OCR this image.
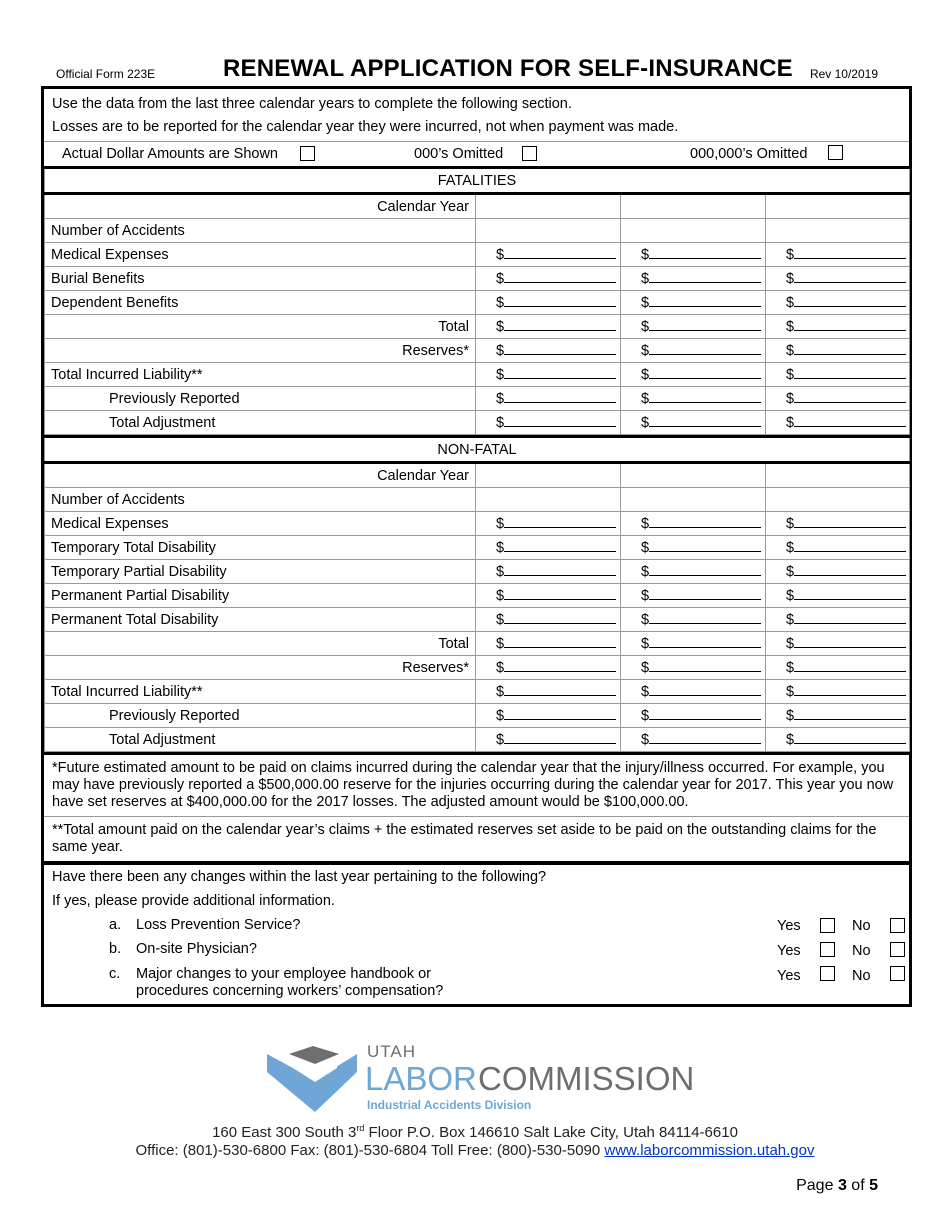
Official Form 223E	RENEWAL APPLICATION FOR SELF-INSURANCE Rev 10/2019
Use the data from the last three calendar years to complete the following section.
Losses are to be reported for the calendar year they were incurred, not when payment was made.
Actual Dollar Amounts are Shown	000’s Omitted	000,000’s Omitted
FATALITIES			
Calendar Year			
Number of Accidents			
Medical Expenses	$	$	$
Burial Benefits	$	$	$
Dependent Benefits	$	$	$
Total	$	$	$
Reserves*	$	$	$
Total Incurred Liability**	$	$	$
Previously Reported	$	$	$
Total Adjustment	$	$	$
NON-FATAL			
Calendar Year			
Number of Accidents			
Medical Expenses	$	$	$
Temporary Total Disability	$	$	$
Temporary Partial Disability	$	$	$
Permanent Partial Disability	$	$	$
Permanent Total Disability	$	$	$
Total	$	$	$
Reserves*	$	$	$
Total Incurred Liability**	$	$	$
Previously Reported	$	$	$
Total Adjustment	$	$	$
*Future estimated amount to be paid on claims incurred during the calendar year that the injury/illness occurred. For example, you may have previously reported a $500,000.00 reserve for the injuries occurring during the calendar year for 2017. This year you now have set reserves at $400,000.00 for the 2017 losses. The adjusted amount would be $100,000.00.
**Total amount paid on the calendar year’s claims + the estimated reserves set aside to be paid on the outstanding claims for the same year.
Have there been any changes within the last year pertaining to the following?
If yes, please provide additional information.
a. Loss Prevention Service?	Yes	No
b. On-site Physician?	Yes	No
c. Major changes to your employee handbook or
procedures concerning workers’ compensation?
Yes	No
UTAH
LABOR COMMISSION
Industrial Accidents Division
160 East 300 South 3rd Floor P.O. Box 146610 Salt Lake City, Utah 84114-6610
Office: (801)-530-6800 Fax: (801)-530-6804 Toll Free: (800)-530-5090 www.laborcommission.utah.gov
Page 3 of 5
